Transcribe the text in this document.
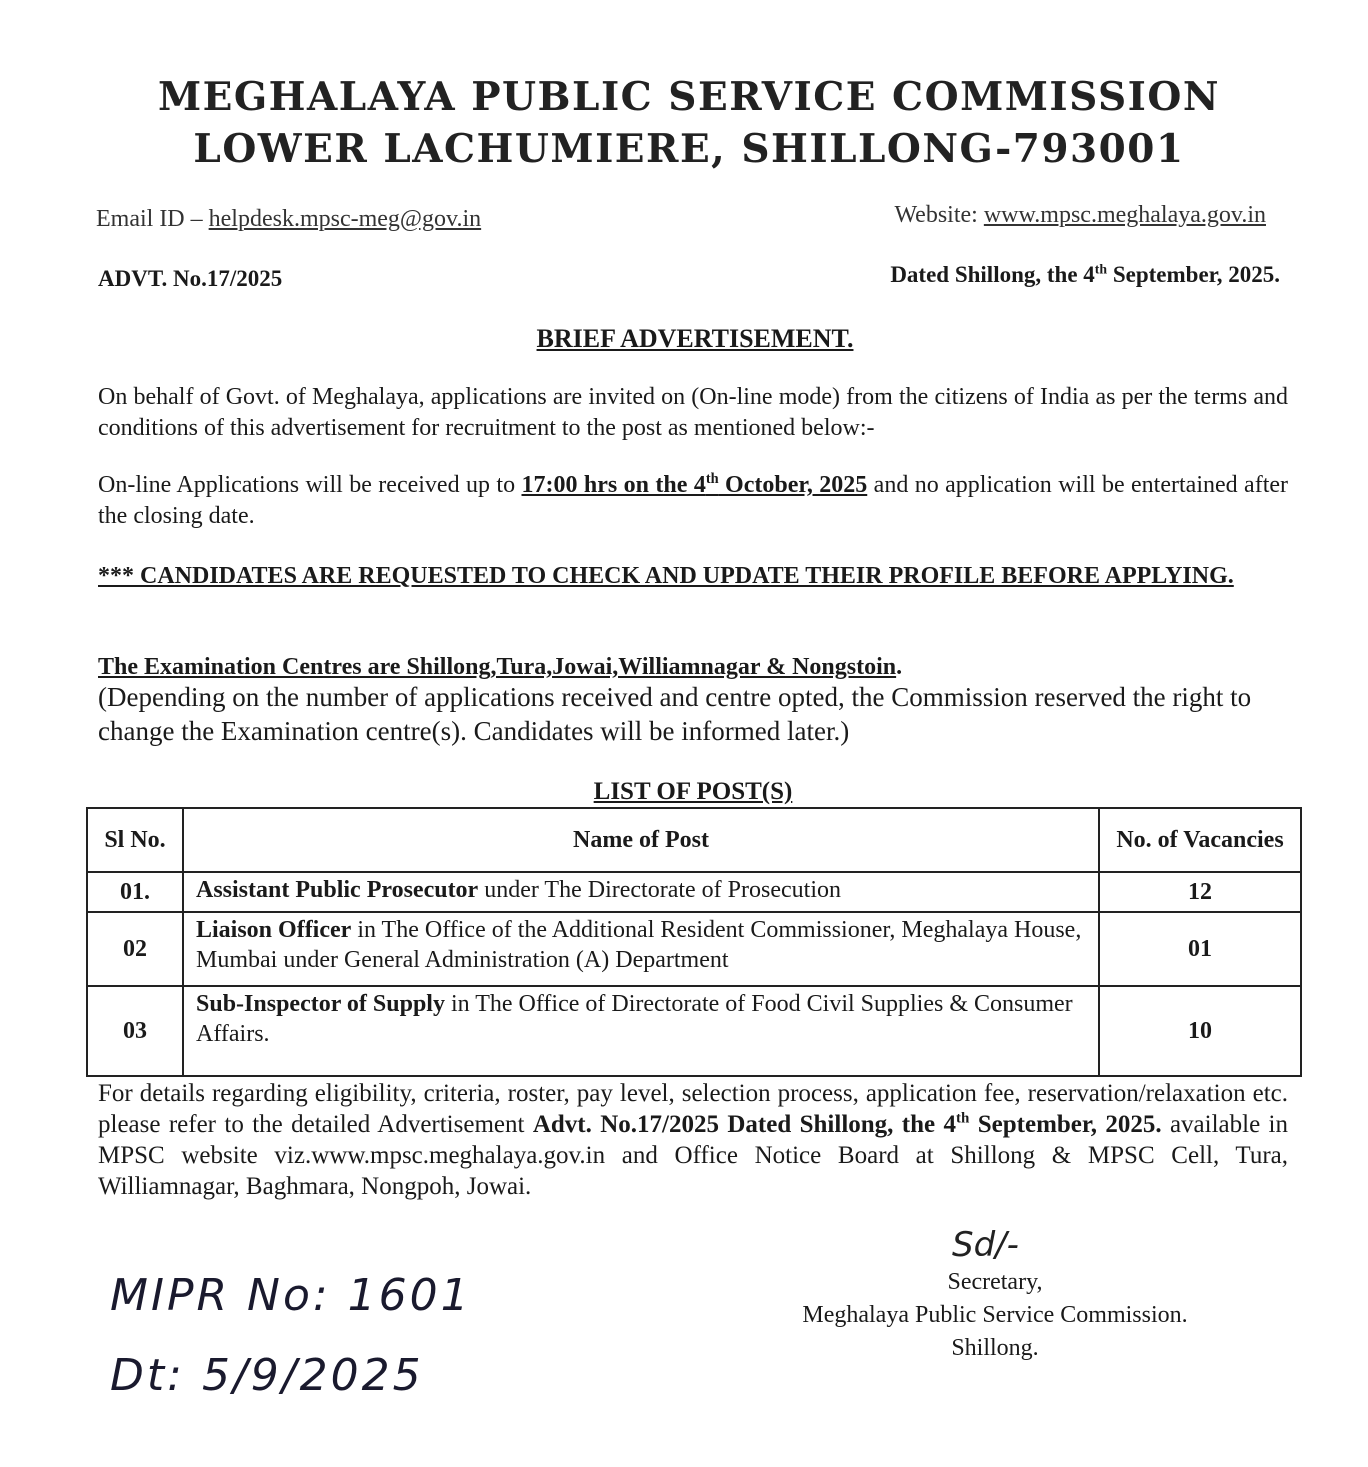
MEGHALAYA PUBLIC SERVICE COMMISSION
LOWER LACHUMIERE, SHILLONG-793001
Email ID – helpdesk.mpsc-meg@gov.in	Website: www.mpsc.meghalaya.gov.in
ADVT. No.17/2025	Dated Shillong, the 4th September, 2025.
BRIEF ADVERTISEMENT.
On behalf of Govt. of Meghalaya, applications are invited on (On-line mode) from the citizens of India as per the terms and conditions of this advertisement for recruitment to the post as mentioned below:-
On-line Applications will be received up to 17:00 hrs on the 4th October, 2025 and no application will be entertained after the closing date.
*** CANDIDATES ARE REQUESTED TO CHECK AND UPDATE THEIR PROFILE BEFORE APPLYING.
The Examination Centres are Shillong,Tura,Jowai,Williamnagar & Nongstoin.
(Depending on the number of applications received and centre opted, the Commission reserved the right to change the Examination centre(s). Candidates will be informed later.)
LIST OF POST(S)
Sl No.	Name of Post	No. of Vacancies
01.	Assistant Public Prosecutor under The Directorate of Prosecution	12
02	Liaison Officer in The Office of the Additional Resident Commissioner, Meghalaya House, Mumbai under General Administration (A) Department	01
03	Sub-Inspector of Supply in The Office of Directorate of Food Civil Supplies & Consumer Affairs.	10
For details regarding eligibility, criteria, roster, pay level, selection process, application fee, reservation/relaxation etc. please refer to the detailed Advertisement Advt. No.17/2025 Dated Shillong, the 4th September, 2025. available in MPSC website viz.www.mpsc.meghalaya.gov.in and Office Notice Board at Shillong & MPSC Cell, Tura, Williamnagar, Baghmara, Nongpoh, Jowai.
Sd/-
Secretary,
Meghalaya Public Service Commission.
Shillong.
MIPR No: 1601
Dt: 5/9/2025
